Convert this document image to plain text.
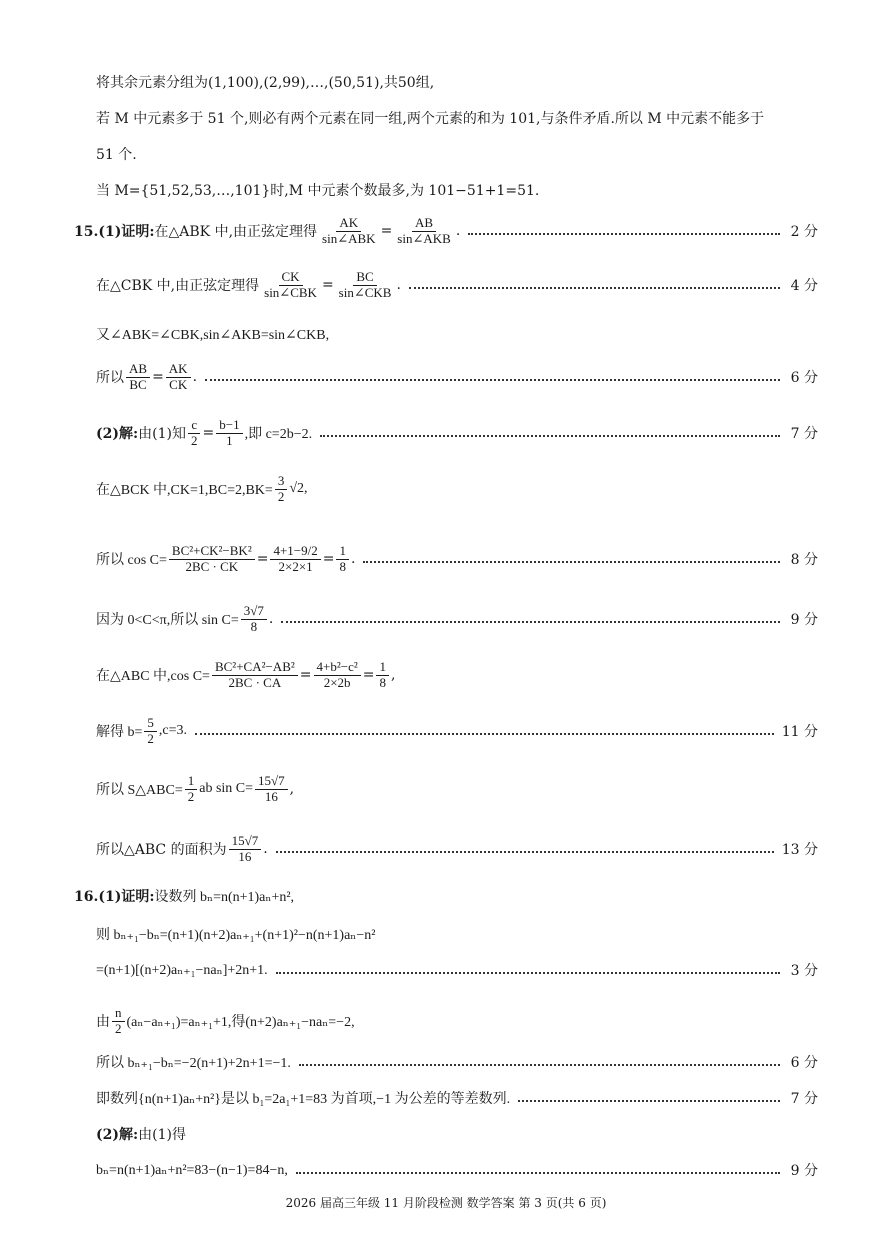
将其余元素分组为(1,100),(2,99),…,(50,51),共50组,
若 M 中元素多于 51 个,则必有两个元素在同一组,两个元素的和为 101,与条件矛盾.所以 M 中元素不能多于
51 个.
当 M={51,52,53,…,101}时,M 中元素个数最多,为 101−51+1=51.
15.(1)证明: 在△ABK 中,由正弦定理得 $\frac{AK}{\text{sin∠ABK}} = \frac{AB}{\text{sin∠AKB}}$ .	2 分
在△CBK 中,由正弦定理得 $\frac{CK}{\text{sin∠CBK}} = \frac{BC}{\text{sin∠CKB}}$ .	4 分
又∠ABK=∠CBK,sin∠AKB=sin∠CKB,
所以 $\frac{AB}{BC} = \frac{AK}{CK}$ .	6 分
(2)解: 由(1)知 $\frac{c}{2} = \frac{b-1}{1}$ ,即 c=2b−2.	7 分
在△BCK 中$,CK=1,BC=2,BK= \frac{3}{2} √2$,
所以 $\cos C= \frac{\text{BC²+CK²−BK²}}{2BC \cdot CK} = \frac{4+1-9/2}{2\times 2\times 1} = \frac{1}{8}$ .	8 分
因为 0<C<π,所以 $\sin C= \frac{3√7}{8}$ .	9 分
在△ABC 中,cos $C= \frac{\text{BC²+CA²−AB²}}{2BC \cdot CA} = \frac{\text{4+b²−c²}}{2\times 2b} = \frac{1}{8}$ ,
解得 $b= \frac{5}{2} ,c=3$.	11 分
所以 S△ABC= $\frac{1}{2}$ ab $\sin C= \frac{15√7}{16}$ ,
所以△ABC 的面积为 $\frac{15√7}{16}$ .	13 分
16.(1)证明: 设数列 bₙ=n(n+1)aₙ+n²,
则 bₙ₊₁−bₙ=(n+1)(n+2)aₙ₊₁+(n+1)²−n(n+1)aₙ−n²
=(n+1)[(n+2)aₙ₊₁−naₙ]+2n+1.	3 分
由 $\frac{n}{2} (a_n-a_{n+1})=a_{n+1}+1$,得(n+2)aₙ₊₁−naₙ=−2,
所以 bₙ₊₁−bₙ=−2(n+1)+2n+1=−1.	6 分
即数列{n(n+1)aₙ+n²}是以 b₁=2a₁+1=83 为首项,−1 为公差的等差数列.	7 分
(2)解: 由(1)得
bₙ=n(n+1)aₙ+n²=83−(n−1)=84−n,	9 分
2026 届高三年级 11 月阶段检测 数学答案 第 3 页(共 6 页)
